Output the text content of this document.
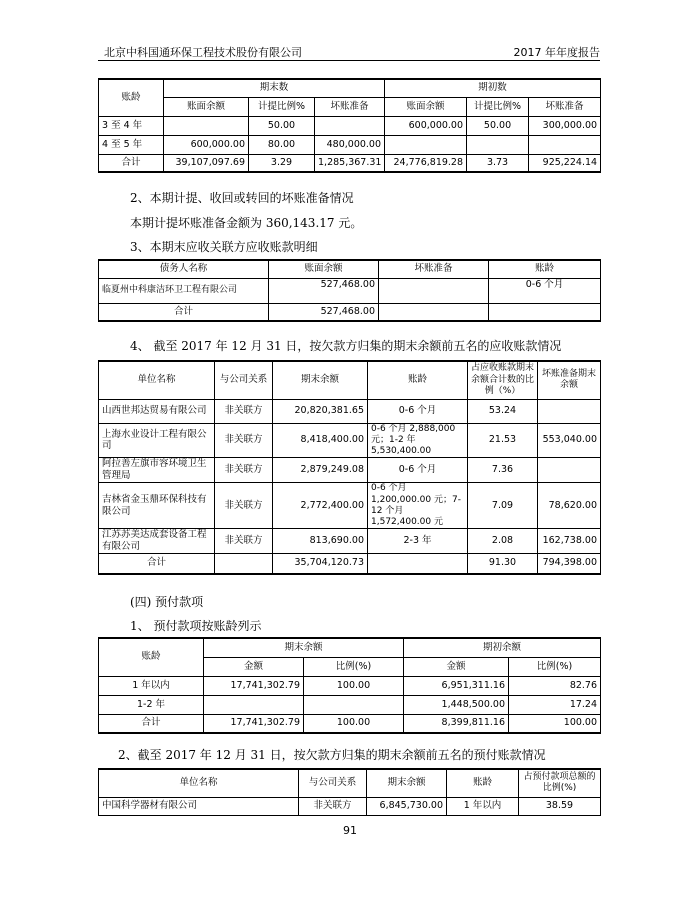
北京中科国通环保工程技术股份有限公司	2017 年年度报告
账龄	期末数			期初数		
	账面余额	计提比例%	坏账准备	账面余额	计提比例%	坏账准备
3 至 4 年		50.00		600,000.00	50.00	300,000.00
4 至 5 年	600,000.00	80.00	480,000.00			
合计	39,107,097.69	3.29	1,285,367.31	24,776,819.28	3.73	925,224.14
2、本期计提、收回或转回的坏账准备情况
本期计提坏账准备金额为 360,143.17 元。
3、本期末应收关联方应收账款明细
债务人名称	账面余额	坏账准备	账龄
临夏州中科康洁环卫工程有限公司	527,468.00		0-6 个月
合计	527,468.00		
4、 截至 2017 年 12 月 31 日，按欠款方归集的期末余额前五名的应收账款情况
单位名称	与公司关系	期末余额	账龄	占应收账款期末余额合计数的比例（%）	坏账准备期末余额
山西世邦达贸易有限公司	非关联方	20,820,381.65	0-6 个月	53.24	
上海水业设计工程有限公司	非关联方	8,418,400.00	0-6 个月 2,888,000 元；1-2 年 5,530,400.00	21.53	553,040.00
阿拉善左旗市容环境卫生管理局	非关联方	2,879,249.08	0-6 个月	7.36	
吉林省金玉鼎环保科技有限公司	非关联方	2,772,400.00	0-6 个月 1,200,000.00 元；7-12 个月 1,572,400.00 元	7.09	78,620.00
江苏苏美达成套设备工程有限公司	非关联方	813,690.00	2-3 年	2.08	162,738.00
合计		35,704,120.73		91.30	794,398.00
(四) 预付款项
1、 预付款项按账龄列示
账龄	期末余额		期初余额	
	金额	比例(%)	金额	比例(%)
1 年以内	17,741,302.79	100.00	6,951,311.16	82.76
1-2 年			1,448,500.00	17.24
合计	17,741,302.79	100.00	8,399,811.16	100.00
2、截至 2017 年 12 月 31 日，按欠款方归集的期末余额前五名的预付账款情况
单位名称	与公司关系	期末余额	账龄	占预付款项总额的比例(%)
中国科学器材有限公司	非关联方	6,845,730.00	1 年以内	38.59
91
